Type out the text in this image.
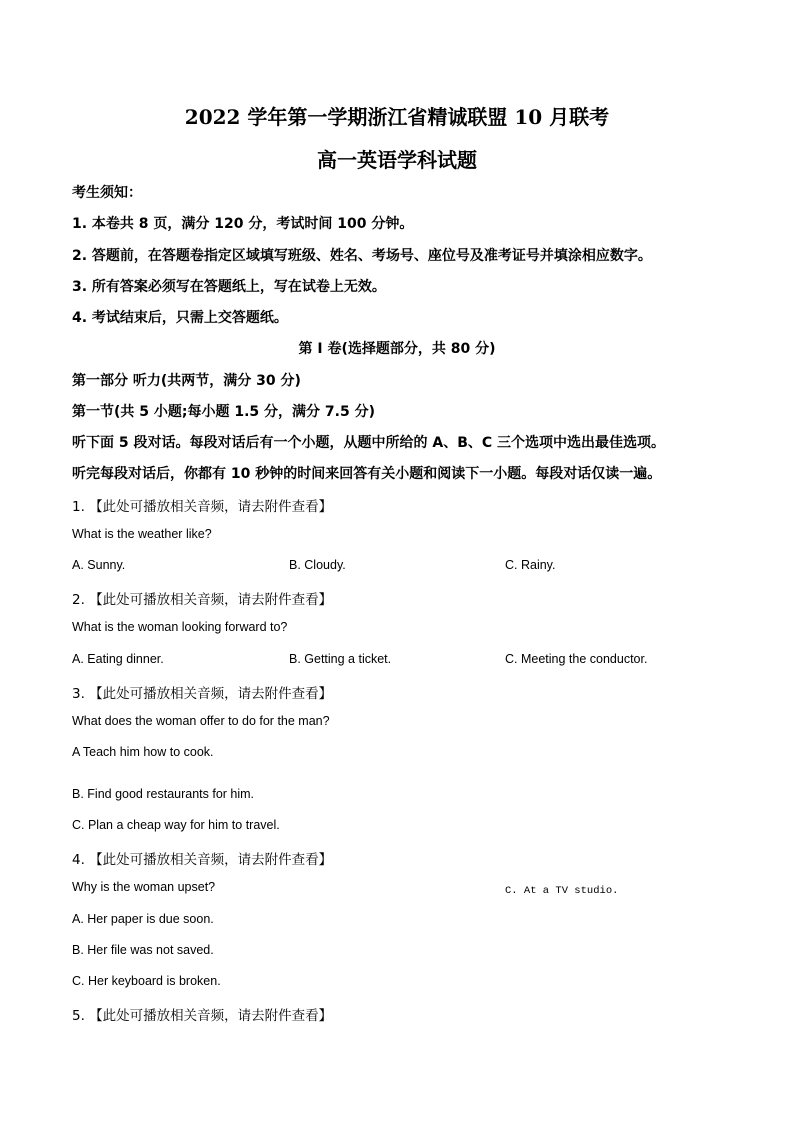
2022 学年第一学期浙江省精诚联盟 10 月联考
高一英语学科试题
考生须知：
1. 本卷共 8 页，满分 120 分，考试时间 100 分钟。
2. 答题前，在答题卷指定区域填写班级、姓名、考场号、座位号及准考证号并填涂相应数字。
3. 所有答案必须写在答题纸上，写在试卷上无效。
4. 考试结束后，只需上交答题纸。
第 I 卷(选择题部分，共 80 分)
第一部分 听力(共两节，满分 30 分)
第一节(共 5 小题;每小题 1.5 分，满分 7.5 分)
听下面 5 段对话。每段对话后有一个小题，从题中所给的 A、B、C 三个选项中选出最佳选项。
听完每段对话后，你都有 10 秒钟的时间来回答有关小题和阅读下一小题。每段对话仅读一遍。
1. 【此处可播放相关音频，请去附件查看】
What is the weather like?
A. Sunny.	B. Cloudy.	C. Rainy.
2. 【此处可播放相关音频，请去附件查看】
What is the woman looking forward to?
A. Eating dinner.	B. Getting a ticket.	C. Meeting the conductor.
3. 【此处可播放相关音频，请去附件查看】
What does the woman offer to do for the man?
A Teach him how to cook.
B. Find good restaurants for him.
C. Plan a cheap way for him to travel.
4. 【此处可播放相关音频，请去附件查看】
Why is the woman upset?	C. At a TV studio.
A. Her paper is due soon.
B. Her file was not saved.
C. Her keyboard is broken.
5. 【此处可播放相关音频，请去附件查看】
